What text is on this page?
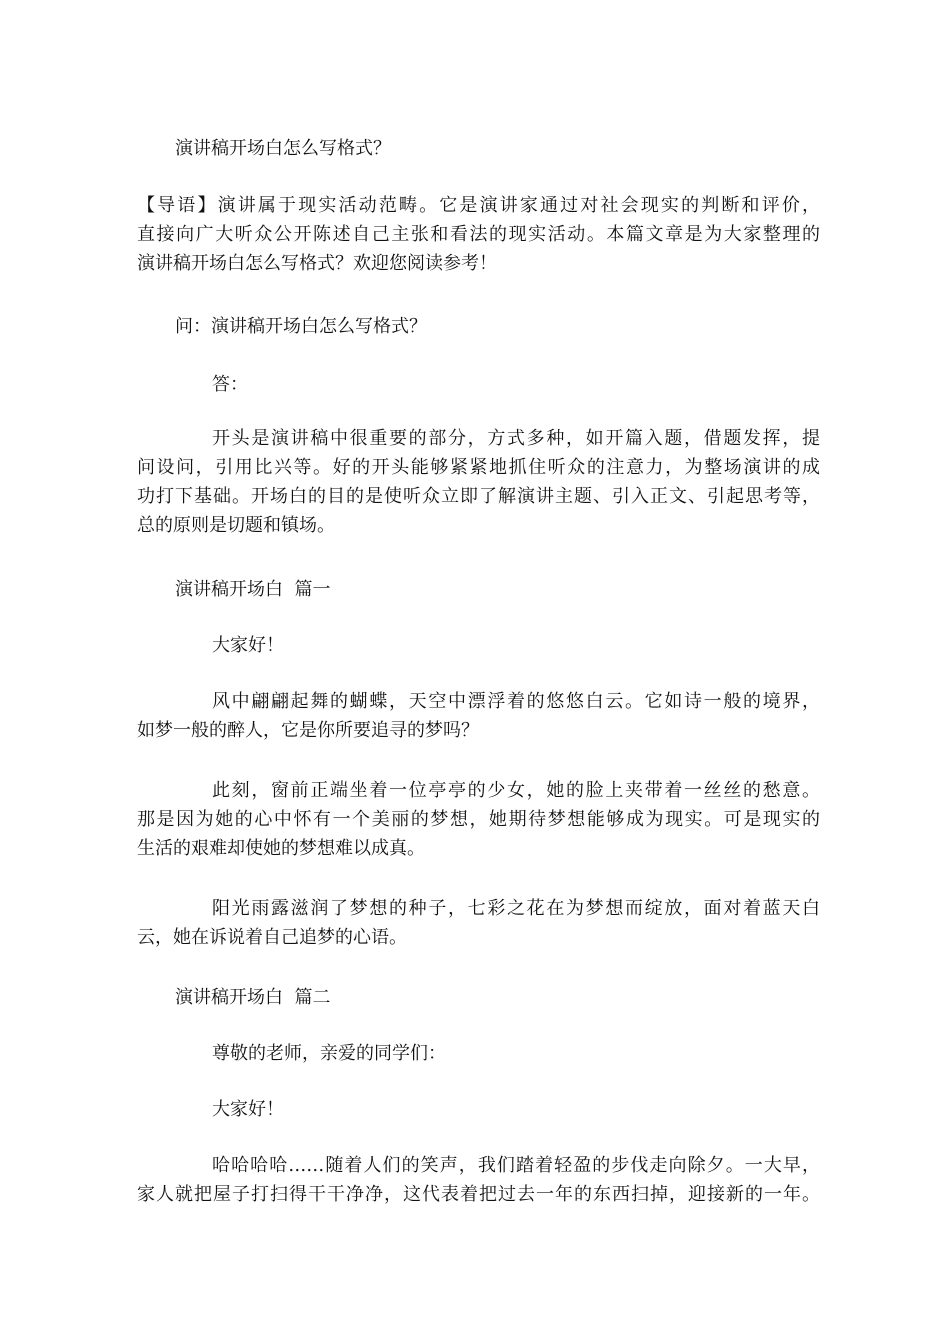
演讲稿开场白怎么写格式？

【导语】演讲属于现实活动范畴。它是演讲家通过对社会现实的判断和评价，
直接向广大听众公开陈述自己主张和看法的现实活动。本篇文章是为大家整理的
演讲稿开场白怎么写格式？欢迎您阅读参考！

问：演讲稿开场白怎么写格式？

答：

开头是演讲稿中很重要的部分，方式多种，如开篇入题，借题发挥，提
问设问，引用比兴等。好的开头能够紧紧地抓住听众的注意力，为整场演讲的成
功打下基础。开场白的目的是使听众立即了解演讲主题、引入正文、引起思考等，
总的原则是切题和镇场。

演讲稿开场白  篇一

大家好！

风中翩翩起舞的蝴蝶，天空中漂浮着的悠悠白云。它如诗一般的境界，
如梦一般的醉人，它是你所要追寻的梦吗？

此刻，窗前正端坐着一位亭亭的少女，她的脸上夹带着一丝丝的愁意。
那是因为她的心中怀有一个美丽的梦想，她期待梦想能够成为现实。可是现实的
生活的艰难却使她的梦想难以成真。

阳光雨露滋润了梦想的种子，七彩之花在为梦想而绽放，面对着蓝天白
云，她在诉说着自己追梦的心语。

演讲稿开场白  篇二

尊敬的老师，亲爱的同学们：

大家好！

哈哈哈哈……随着人们的笑声，我们踏着轻盈的步伐走向除夕。一大早，
家人就把屋子打扫得干干净净，这代表着把过去一年的东西扫掉，迎接新的一年。
